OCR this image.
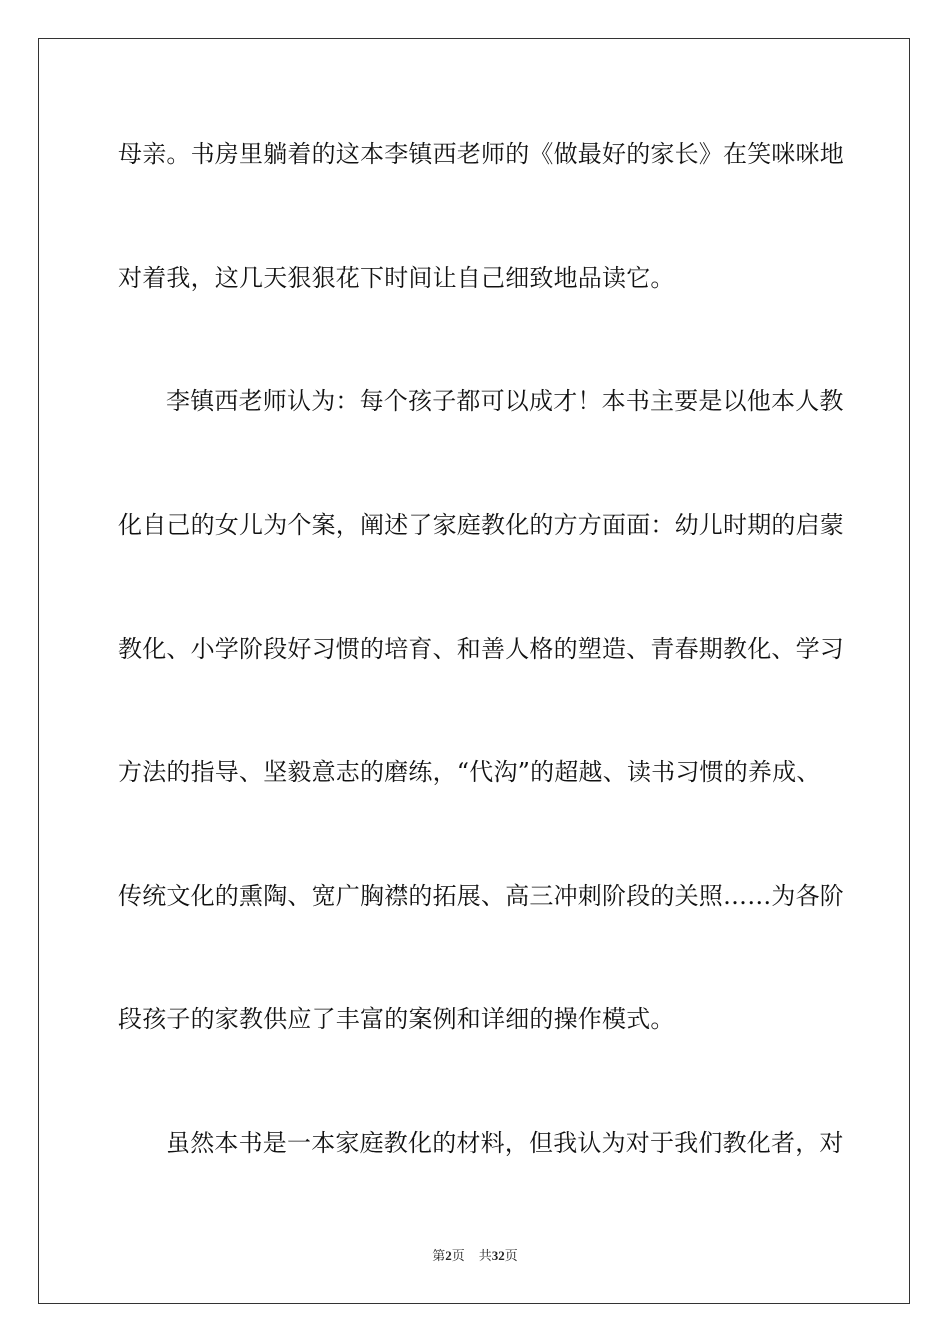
母亲。书房里躺着的这本李镇西老师的《做最好的家长》在笑咪咪地
对着我，这几天狠狠花下时间让自己细致地品读它。
李镇西老师认为：每个孩子都可以成才！本书主要是以他本人教
化自己的女儿为个案，阐述了家庭教化的方方面面：幼儿时期的启蒙
教化、小学阶段好习惯的培育、和善人格的塑造、青春期教化、学习
方法的指导、坚毅意志的磨练，“代沟”的超越、读书习惯的养成、
传统文化的熏陶、宽广胸襟的拓展、高三冲刺阶段的关照……为各阶
段孩子的家教供应了丰富的案例和详细的操作模式。
虽然本书是一本家庭教化的材料，但我认为对于我们教化者，对
第2页 共32页
